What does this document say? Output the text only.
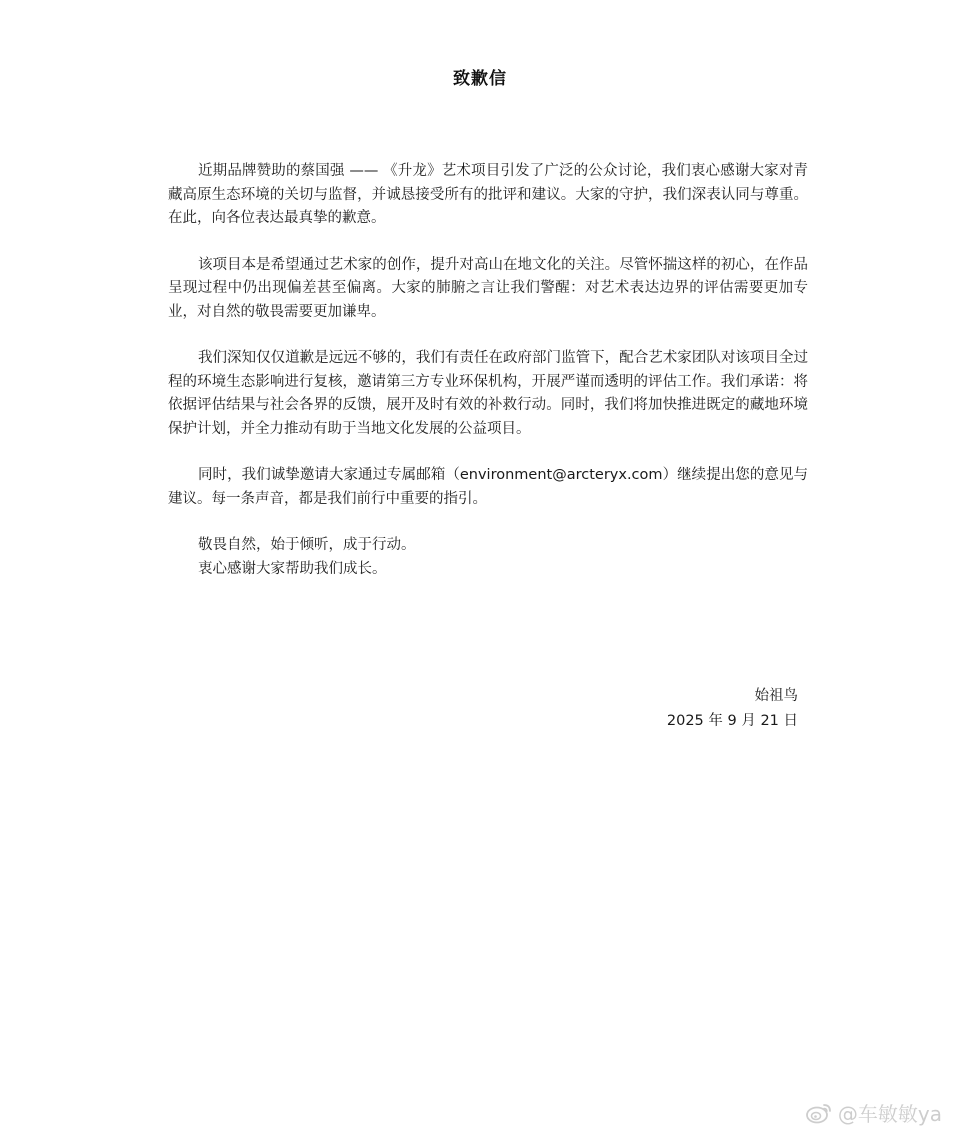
致歉信

近期品牌赞助的蔡国强 —— 《升龙》艺术项目引发了广泛的公众讨论，我们衷心感谢大家对青藏高原生态环境的关切与监督，并诚恳接受所有的批评和建议。大家的守护，我们深表认同与尊重。在此，向各位表达最真挚的歉意。

该项目本是希望通过艺术家的创作，提升对高山在地文化的关注。尽管怀揣这样的初心，在作品呈现过程中仍出现偏差甚至偏离。大家的肺腑之言让我们警醒：对艺术表达边界的评估需要更加专业，对自然的敬畏需要更加谦卑。

我们深知仅仅道歉是远远不够的，我们有责任在政府部门监管下，配合艺术家团队对该项目全过程的环境生态影响进行复核，邀请第三方专业环保机构，开展严谨而透明的评估工作。我们承诺：将依据评估结果与社会各界的反馈，展开及时有效的补救行动。同时，我们将加快推进既定的藏地环境保护计划，并全力推动有助于当地文化发展的公益项目。

同时，我们诚挚邀请大家通过专属邮箱（environment@arcteryx.com）继续提出您的意见与建议。每一条声音，都是我们前行中重要的指引。

敬畏自然，始于倾听，成于行动。

衷心感谢大家帮助我们成长。

始祖鸟
2025 年 9 月 21 日
@车敏敏ya
